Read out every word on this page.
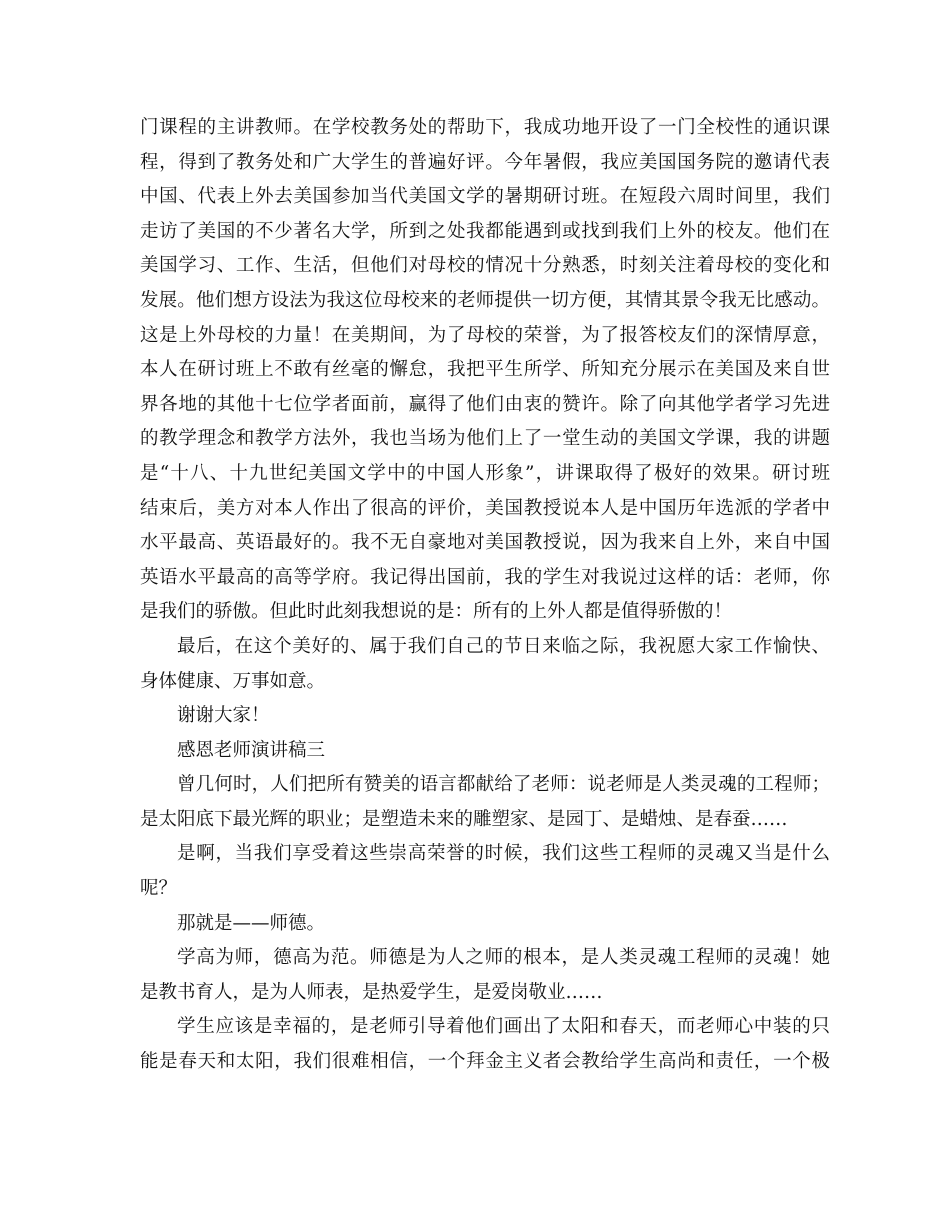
门课程的主讲教师。在学校教务处的帮助下，我成功地开设了一门全校性的通识课
程，得到了教务处和广大学生的普遍好评。今年暑假，我应美国国务院的邀请代表
中国、代表上外去美国参加当代美国文学的暑期研讨班。在短段六周时间里，我们
走访了美国的不少著名大学，所到之处我都能遇到或找到我们上外的校友。他们在
美国学习、工作、生活，但他们对母校的情况十分熟悉，时刻关注着母校的变化和
发展。他们想方设法为我这位母校来的老师提供一切方便，其情其景令我无比感动。
这是上外母校的力量！在美期间，为了母校的荣誉，为了报答校友们的深情厚意，
本人在研讨班上不敢有丝毫的懈怠，我把平生所学、所知充分展示在美国及来自世
界各地的其他十七位学者面前，赢得了他们由衷的赞许。除了向其他学者学习先进
的教学理念和教学方法外，我也当场为他们上了一堂生动的美国文学课，我的讲题
是“十八、十九世纪美国文学中的中国人形象”，讲课取得了极好的效果。研讨班
结束后，美方对本人作出了很高的评价，美国教授说本人是中国历年选派的学者中
水平最高、英语最好的。我不无自豪地对美国教授说，因为我来自上外，来自中国
英语水平最高的高等学府。我记得出国前，我的学生对我说过这样的话：老师，你
是我们的骄傲。但此时此刻我想说的是：所有的上外人都是值得骄傲的！
最后，在这个美好的、属于我们自己的节日来临之际，我祝愿大家工作愉快、
身体健康、万事如意。
谢谢大家！
感恩老师演讲稿三
曾几何时，人们把所有赞美的语言都献给了老师：说老师是人类灵魂的工程师；
是太阳底下最光辉的职业；是塑造未来的雕塑家、是园丁、是蜡烛、是春蚕……
是啊，当我们享受着这些崇高荣誉的时候，我们这些工程师的灵魂又当是什么
呢？
那就是——师德。
学高为师，德高为范。师德是为人之师的根本，是人类灵魂工程师的灵魂！她
是教书育人，是为人师表，是热爱学生，是爱岗敬业……
学生应该是幸福的，是老师引导着他们画出了太阳和春天，而老师心中装的只
能是春天和太阳，我们很难相信，一个拜金主义者会教给学生高尚和责任，一个极
